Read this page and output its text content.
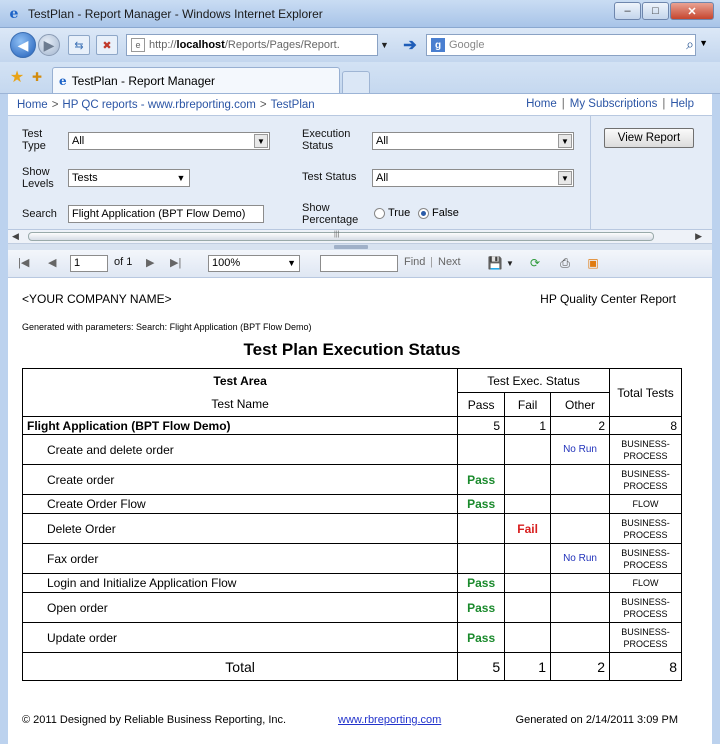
e TestPlan - Report Manager - Windows Internet Explorer	–	□	✕
◀	▶	⇆	✖	e http:// localhost /Reports/Pages/Report.	▼ ➔	g Google	⌕ ▼
★ ✚	e TestPlan - Report Manager
Home > HP QC reports - www.rbreporting.com > TestPlan	Home | My Subscriptions | Help
Test Type	All	▼
Show Levels	Tests	▼
Search	Flight Application (BPT Flow Demo)
Execution Status	All	▼
Test Status All	▼
Show Percentage
True False
View Report
◀	|||	▶
|◀ ◀	1	of 1 ▶ ▶|	100%	▼	Find | Next 💾 ▼	⟳	⎙	▣
<YOUR COMPANY NAME>	HP Quality Center Report
Generated with parameters: Search: Flight Application (BPT Flow Demo)
Test Plan Execution Status
Test Area	Test Exec. Status			Total Tests
Test Name	Pass	Fail	Other	
Flight Application (BPT Flow Demo)	5	1	2	8
Create and delete order			No Run	BUSINESS-
PROCESS
Create order	Pass			BUSINESS-
PROCESS
Create Order Flow	Pass			FLOW
Delete Order		Fail		BUSINESS-
PROCESS
Fax order			No Run	BUSINESS-
PROCESS
Login and Initialize Application Flow	Pass			FLOW
Open order	Pass			BUSINESS-
PROCESS
Update order	Pass			BUSINESS-
PROCESS
Total	5	1	2	8
© 2011 Designed by Reliable Business Reporting, Inc.	www.rbreporting.com	Generated on 2/14/2011 3:09 PM
